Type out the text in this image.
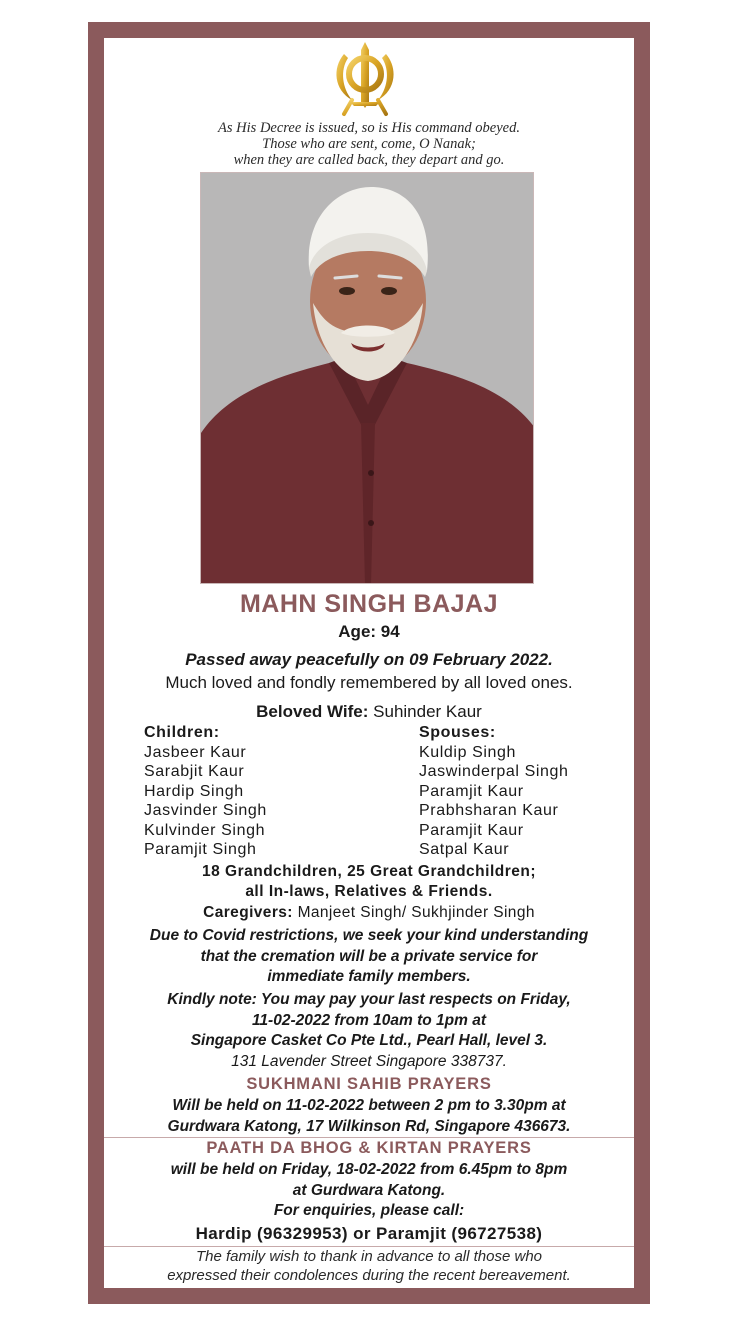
As His Decree is issued, so is His command obeyed.
Those who are sent, come, O Nanak;
when they are called back, they depart and go.
MAHN SINGH BAJAJ
Age: 94
Passed away peacefully on 09 February 2022.
Much loved and fondly remembered by all loved ones.
Beloved Wife: Suhinder Kaur
Children:
Jasbeer Kaur
Sarabjit Kaur
Hardip Singh
Jasvinder Singh
Kulvinder Singh
Paramjit Singh
Spouses:
Kuldip Singh
Jaswinderpal Singh
Paramjit Kaur
Prabhsharan Kaur
Paramjit Kaur
Satpal Kaur
18 Grandchildren, 25 Great Grandchildren;
all In-laws, Relatives & Friends.
Caregivers: Manjeet Singh/ Sukhjinder Singh
Due to Covid restrictions, we seek your kind understanding
that the cremation will be a private service for
immediate family members.
Kindly note: You may pay your last respects on Friday,
11-02-2022 from 10am to 1pm at
Singapore Casket Co Pte Ltd., Pearl Hall, level 3.
131 Lavender Street Singapore 338737.
SUKHMANI SAHIB PRAYERS
Will be held on 11-02-2022 between 2 pm to 3.30pm at
Gurdwara Katong, 17 Wilkinson Rd, Singapore 436673.
PAATH DA BHOG & KIRTAN PRAYERS
will be held on Friday, 18-02-2022 from 6.45pm to 8pm
at Gurdwara Katong.
For enquiries, please call:
Hardip (96329953) or Paramjit (96727538)
The family wish to thank in advance to all those who
expressed their condolences during the recent bereavement.
